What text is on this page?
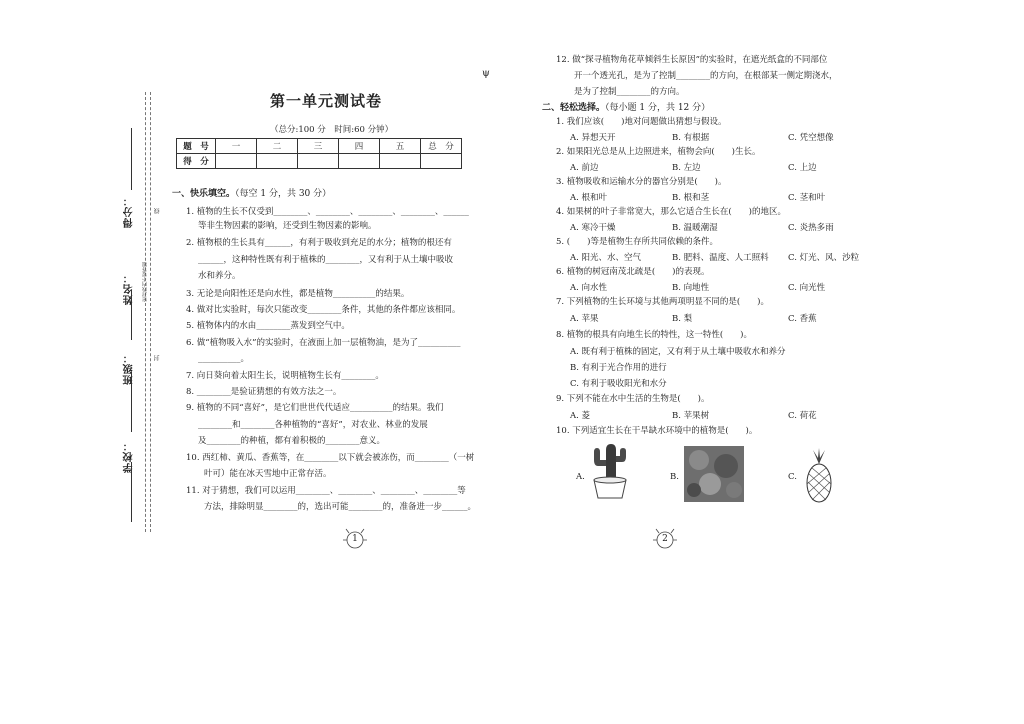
得分：
姓名：
班级：
学校：
密封线内不要答题
线
封
ψ
第一单元测试卷
（总分:100 分　时间:60 分钟）
题　号	一	二	三	四	五	总　分
得　分						
一、快乐填空。（每空 1 分，共 30 分）
1. 植物的生长不仅受到________、________、________、________、______
等非生物因素的影响，还受到生物因素的影响。
2. 植物根的生长具有______，有利于吸收到充足的水分；植物的根还有
______，这种特性既有利于植株的________，又有利于从土壤中吸收
水和养分。
3. 无论是向阳性还是向水性，都是植物__________的结果。
4. 做对比实验时，每次只能改变________条件，其他的条件都应该相同。
5. 植物体内的水由________蒸发到空气中。
6. 做“植物吸入水”的实验时，在液面上加一层植物油，是为了__________
__________。
7. 向日葵向着太阳生长，说明植物生长有________。
8. ________是验证猜想的有效方法之一。
9. 植物的不同“喜好”，是它们世世代代适应__________的结果。我们
________和________各种植物的“喜好”，对农业、林业的发展
及________的种植，都有着积极的________意义。
10. 西红柿、黄瓜、香蕉等，在________以下就会被冻伤，而________（一树
叶可）能在冰天雪地中正常存活。
11. 对于猜想，我们可以运用________、________、________、________等
方法，排除明显________的，选出可能________的，准备进一步______。
1
12. 做“探寻植物角花草倾斜生长原因”的实验时，在遮光纸盒的不同部位
开一个透光孔，是为了控制________的方向，在根部某一侧定期浇水，
是为了控制________的方向。
二、轻松选择。（每小题 1 分，共 12 分）
1. 我们应该(　　)地对问题做出猜想与假设。
A. 异想天开	B. 有根据	C. 凭空想像
2. 如果阳光总是从上边照进来，植物会向(　　)生长。
A. 前边	B. 左边	C. 上边
3. 植物吸收和运输水分的器官分别是(　　)。
A. 根和叶	B. 根和茎	C. 茎和叶
4. 如果树的叶子非常宽大，那么它适合生长在(　　)的地区。
A. 寒冷干燥	B. 温暖潮湿	C. 炎热多雨
5. (　　)等是植物生存所共同依赖的条件。
A. 阳光、水、空气	B. 肥料、温度、人工照料 C. 灯光、风、沙粒
6. 植物的树冠南茂北疏是(　　)的表现。
A. 向水性	B. 向地性	C. 向光性
7. 下列植物的生长环境与其他两项明显不同的是(　　)。
A. 苹果	B. 梨	C. 香蕉
8. 植物的根具有向地生长的特性，这一特性(　　)。
A. 既有利于植株的固定，又有利于从土壤中吸收水和养分
B. 有利于光合作用的进行
C. 有利于吸收阳光和水分
9. 下列不能在水中生活的生物是(　　)。
A. 菱	B. 苹果树	C. 荷花
10. 下列适宜生长在干旱缺水环境中的植物是(　　)。
A.	B.	C.
2
